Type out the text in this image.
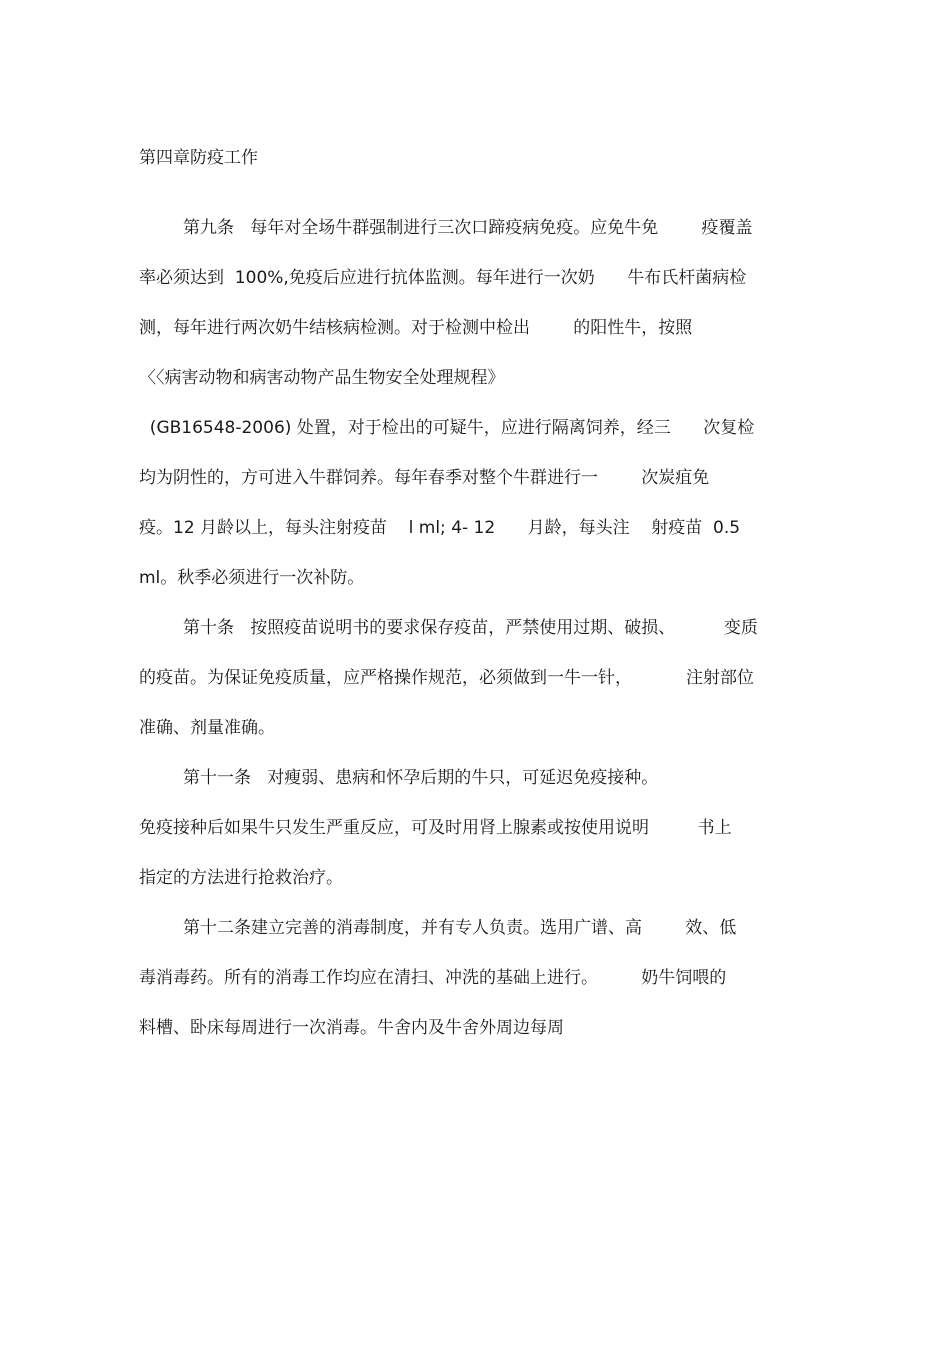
第四章防疫工作
第九条   每年对全场牛群强制进行三次口蹄疫病免疫。应免牛免        疫覆盖
率必须达到  100%,免疫后应进行抗体监测。每年进行一次奶      牛布氏杆菌病检
测，每年进行两次奶牛结核病检测。对于检测中检出        的阳性牛，按照
〈〈病害动物和病害动物产品生物安全处理规程》
(GB16548-2006) 处置，对于检出的可疑牛，应进行隔离饲养，经三      次复检
均为阴性的，方可进入牛群饲养。每年春季对整个牛群进行一        次炭疽免
疫。12 月龄以上，每头注射疫苗    l ml; 4- 12      月龄，每头注    射疫苗  0.5
ml。秋季必须进行一次补防。
第十条   按照疫苗说明书的要求保存疫苗，严禁使用过期、破损、         变质
的疫苗。为保证免疫质量，应严格操作规范，必须做到一牛一针，          注射部位
准确、剂量准确。
第十一条   对瘦弱、患病和怀孕后期的牛只，可延迟免疫接种。
免疫接种后如果牛只发生严重反应，可及时用肾上腺素或按使用说明         书上
指定的方法进行抢救治疗。
第十二条建立完善的消毒制度，并有专人负责。选用广谱、高        效、低
毒消毒药。所有的消毒工作均应在清扫、冲洗的基础上进行。        奶牛饲喂的
料槽、卧床每周进行一次消毒。牛舍内及牛舍外周边每周
